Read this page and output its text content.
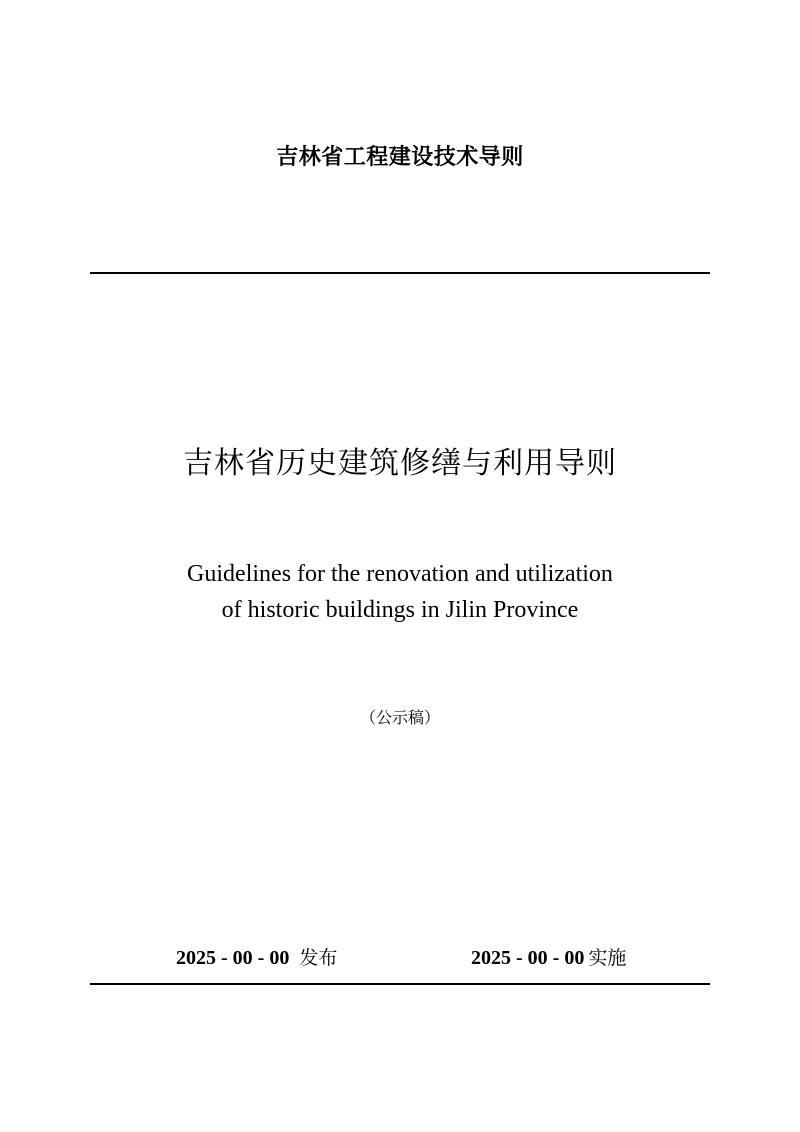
吉林省工程建设技术导则
吉林省历史建筑修缮与利用导则
Guidelines for the renovation and utilization
of historic buildings in Jilin Province
（公示稿）
2025 - 00 - 00 发布	2025 - 00 - 00 实施
